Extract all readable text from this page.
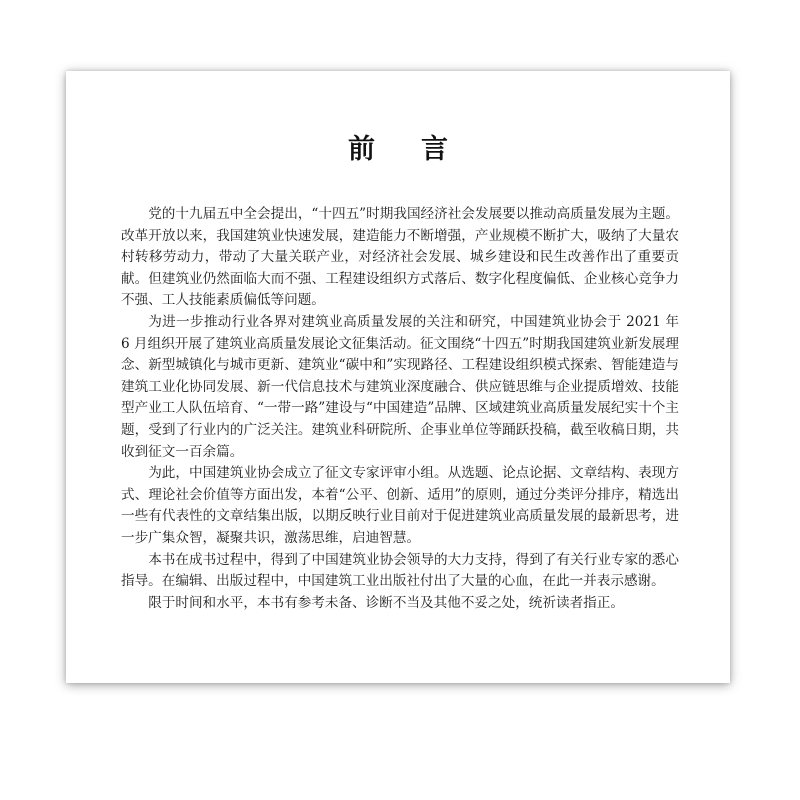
前 言

党的十九届五中全会提出，“十四五”时期我国经济社会发展要以推动高质量发展为主题。改革开放以来，我国建筑业快速发展，建造能力不断增强，产业规模不断扩大，吸纳了大量农村转移劳动力，带动了大量关联产业，对经济社会发展、城乡建设和民生改善作出了重要贡献。但建筑业仍然面临大而不强、工程建设组织方式落后、数字化程度偏低、企业核心竞争力不强、工人技能素质偏低等问题。

为进一步推动行业各界对建筑业高质量发展的关注和研究，中国建筑业协会于 2021 年 6 月组织开展了建筑业高质量发展论文征集活动。征文围绕“十四五”时期我国建筑业新发展理念、新型城镇化与城市更新、建筑业“碳中和”实现路径、工程建设组织模式探索、智能建造与建筑工业化协同发展、新一代信息技术与建筑业深度融合、供应链思维与企业提质增效、技能型产业工人队伍培育、“一带一路”建设与“中国建造”品牌、区域建筑业高质量发展纪实十个主题，受到了行业内的广泛关注。建筑业科研院所、企事业单位等踊跃投稿，截至收稿日期，共收到征文一百余篇。

为此，中国建筑业协会成立了征文专家评审小组。从选题、论点论据、文章结构、表现方式、理论社会价值等方面出发，本着“公平、创新、适用”的原则，通过分类评分排序，精选出一些有代表性的文章结集出版，以期反映行业目前对于促进建筑业高质量发展的最新思考，进一步广集众智，凝聚共识，激荡思维，启迪智慧。

本书在成书过程中，得到了中国建筑业协会领导的大力支持，得到了有关行业专家的悉心指导。在编辑、出版过程中，中国建筑工业出版社付出了大量的心血，在此一并表示感谢。

限于时间和水平，本书有参考未备、诊断不当及其他不妥之处，统祈读者指正。
